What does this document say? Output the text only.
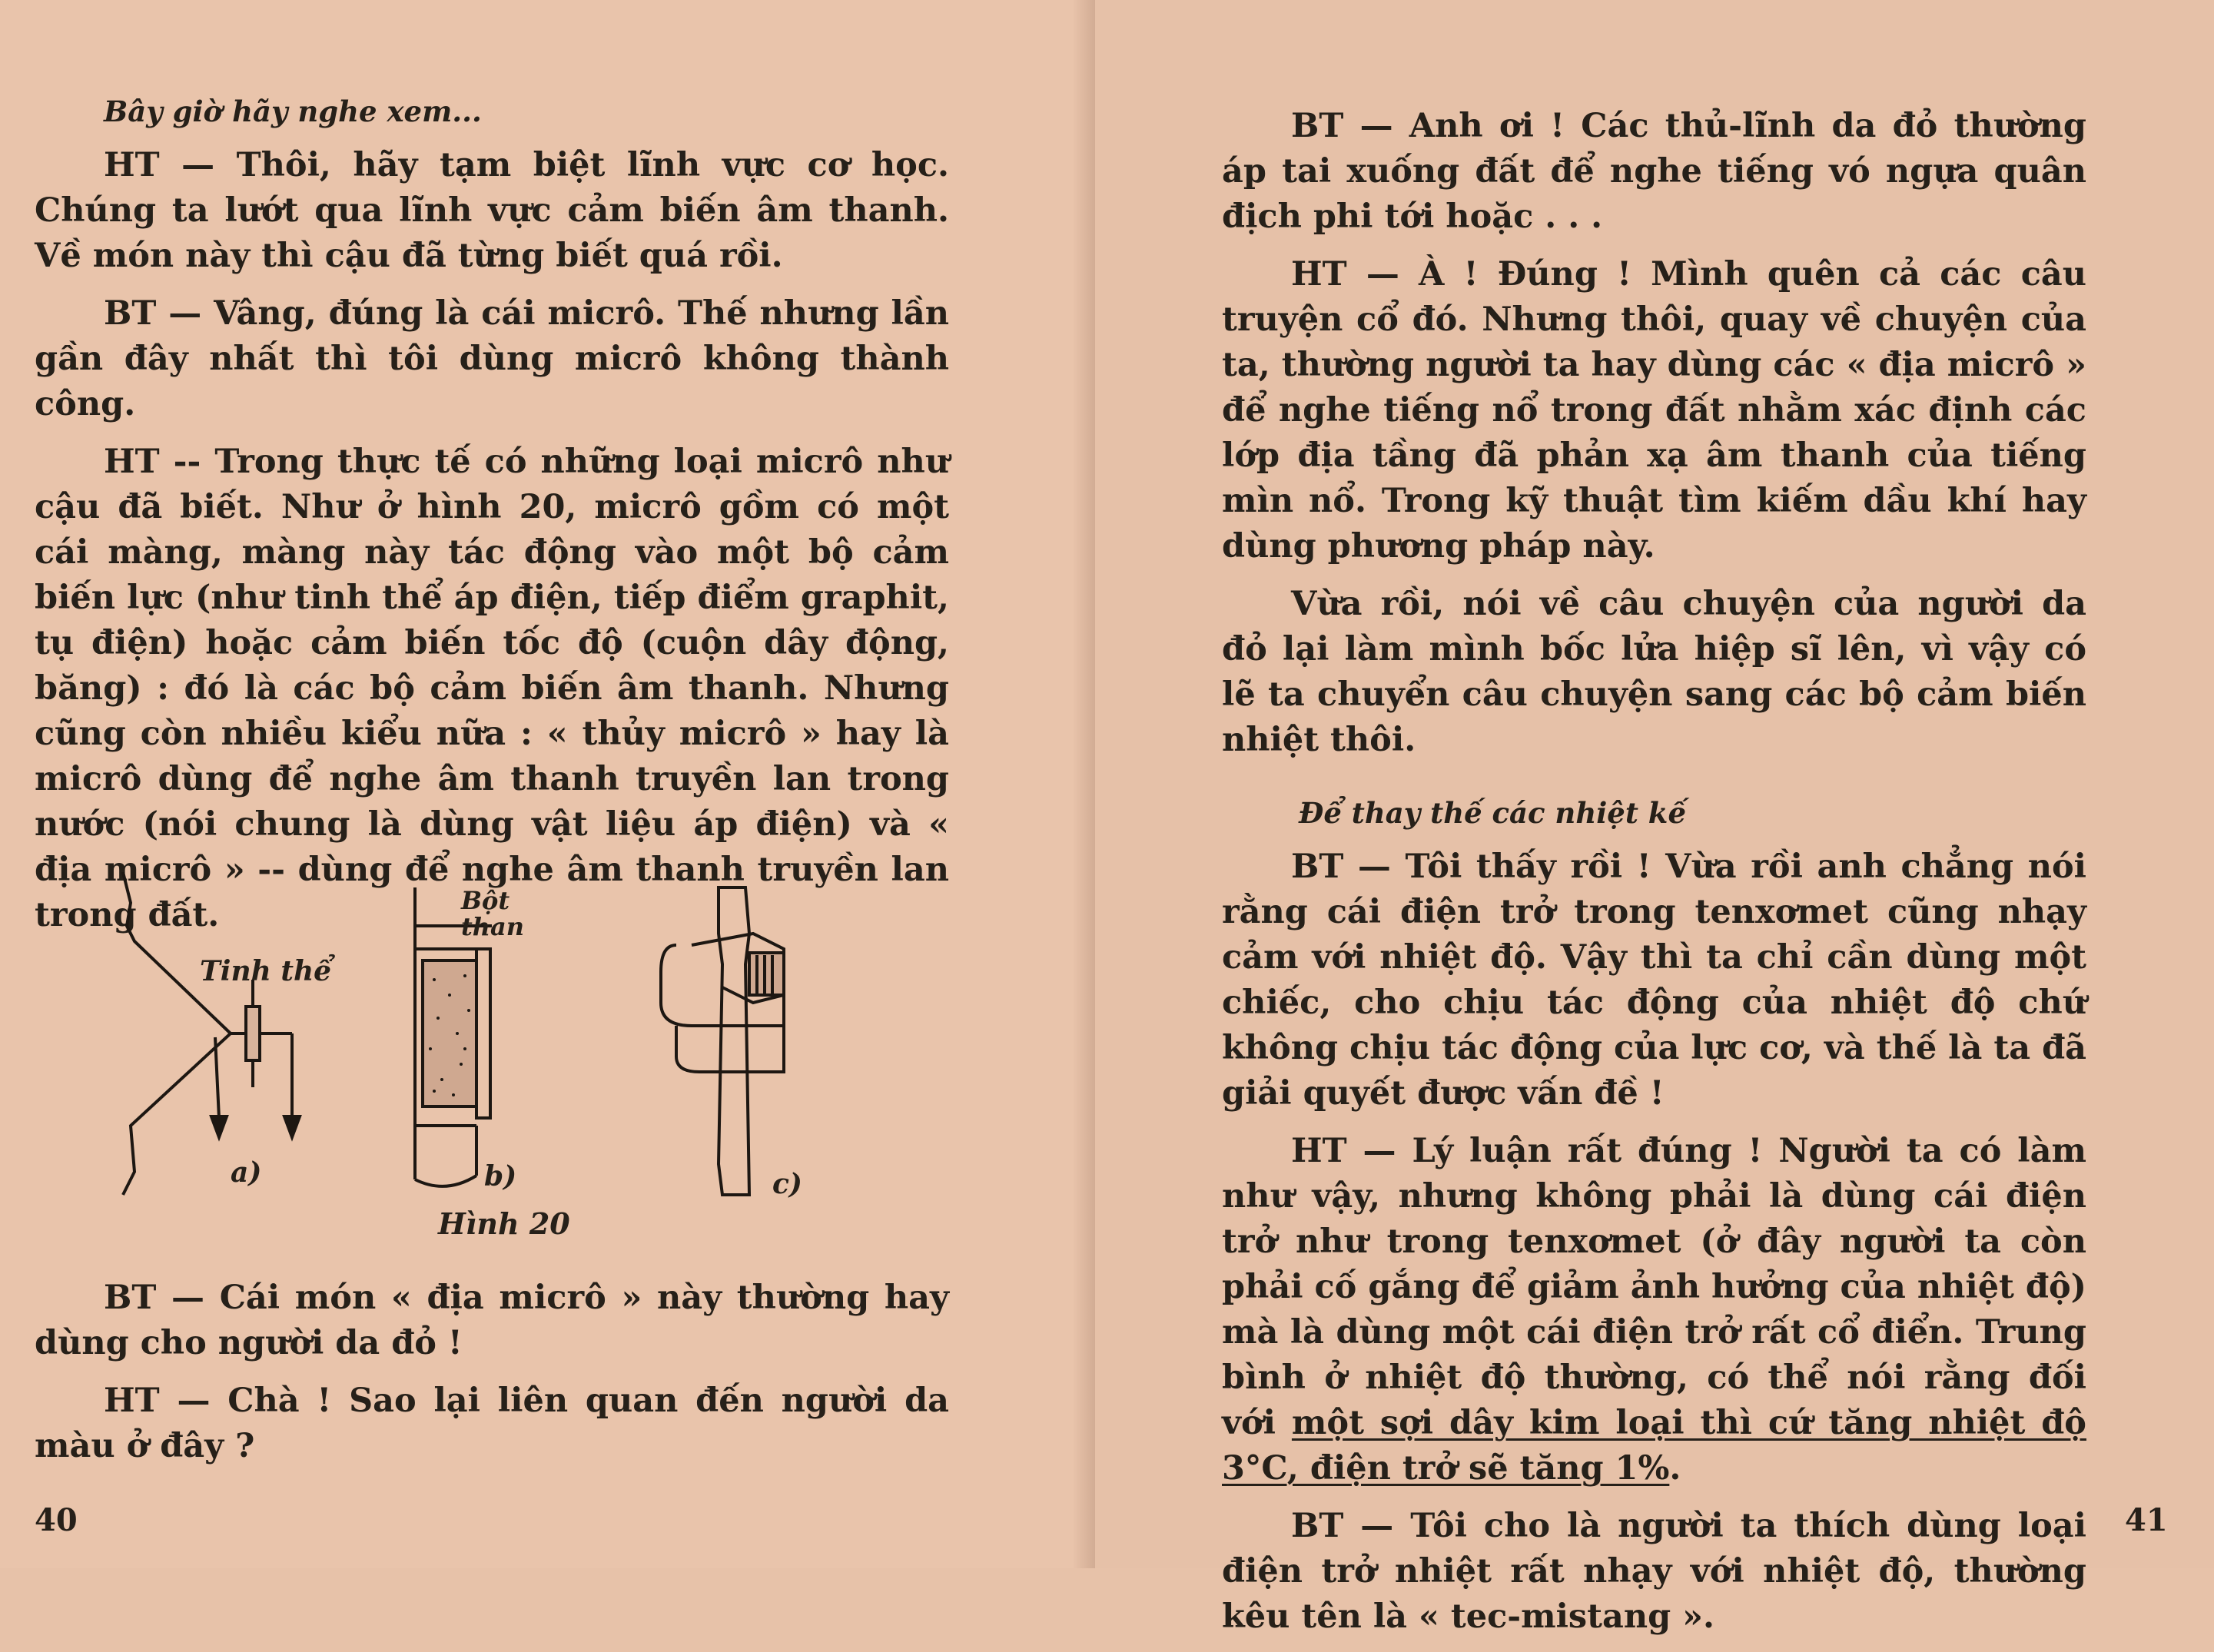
Bây giờ hãy nghe xem...

HT — Thôi, hãy tạm biệt lĩnh vực cơ học. Chúng ta lướt qua lĩnh vực cảm biến âm thanh. Về món này thì cậu đã từng biết quá rồi.

BT — Vâng, đúng là cái micrô. Thế nhưng lần gần đây nhất thì tôi dùng micrô không thành công.

HT -- Trong thực tế có những loại micrô như cậu đã biết. Như ở hình 20, micrô gồm có một cái màng, màng này tác động vào một bộ cảm biến lực (như tinh thể áp điện, tiếp điểm graphit, tụ điện) hoặc cảm biến tốc độ (cuộn dây động, băng) : đó là các bộ cảm biến âm thanh. Nhưng cũng còn nhiều kiểu nữa : « thủy micrô » hay là micrô dùng để nghe âm thanh truyền lan trong nước (nói chung là dùng vật liệu áp điện) và « địa micrô » -- dùng để nghe âm thanh truyền lan trong đất.

Tinh thể
Bột
than
a)	b)	c)
Hình 20

BT — Cái món « địa micrô » này thường hay dùng cho người da đỏ !

HT — Chà ! Sao lại liên quan đến người da màu ở đây ?

40

BT — Anh ơi ! Các thủ-lĩnh da đỏ thường áp tai xuống đất để nghe tiếng vó ngựa quân địch phi tới hoặc . . .

HT — À ! Đúng ! Mình quên cả các câu truyện cổ đó. Nhưng thôi, quay về chuyện của ta, thường người ta hay dùng các « địa micrô » để nghe tiếng nổ trong đất nhằm xác định các lớp địa tầng đã phản xạ âm thanh của tiếng mìn nổ. Trong kỹ thuật tìm kiếm dầu khí hay dùng phương pháp này.

Vừa rồi, nói về câu chuyện của người da đỏ lại làm mình bốc lửa hiệp sĩ lên, vì vậy có lẽ ta chuyển câu chuyện sang các bộ cảm biến nhiệt thôi.

Để thay thế các nhiệt kế

BT — Tôi thấy rồi ! Vừa rồi anh chẳng nói rằng cái điện trở trong tenxơmet cũng nhạy cảm với nhiệt độ. Vậy thì ta chỉ cần dùng một chiếc, cho chịu tác động của nhiệt độ chứ không chịu tác động của lực cơ, và thế là ta đã giải quyết được vấn đề !

HT — Lý luận rất đúng ! Người ta có làm như vậy, nhưng không phải là dùng cái điện trở như trong tenxơmet (ở đây người ta còn phải cố gắng để giảm ảnh hưởng của nhiệt độ) mà là dùng một cái điện trở rất cổ điển. Trung bình ở nhiệt độ thường, có thể nói rằng đối với một sợi dây kim loại thì cứ tăng nhiệt độ 3°C, điện trở sẽ tăng 1%.

BT — Tôi cho là người ta thích dùng loại điện trở nhiệt rất nhạy với nhiệt độ, thường kêu tên là « tec-mistang ».

41
